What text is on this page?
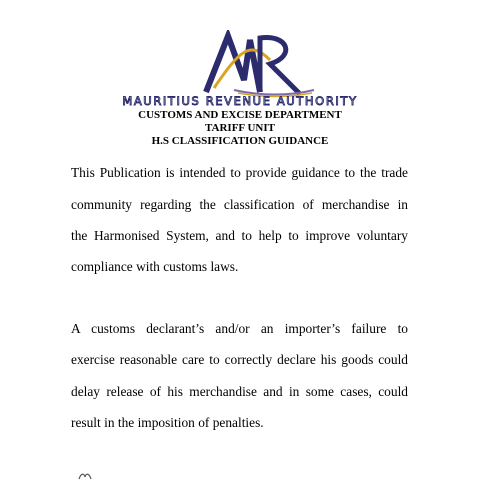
MAURITIUS REVENUE AUTHORITY
CUSTOMS AND EXCISE DEPARTMENT
TARIFF UNIT
H.S CLASSIFICATION GUIDANCE
This Publication is intended to provide guidance to the trade
community regarding the classification of merchandise in
the Harmonised System, and to help to improve voluntary
compliance with customs laws.
A customs declarant’s and/or an importer’s failure to
exercise reasonable care to correctly declare his goods could
delay release of his merchandise and in some cases, could
result in the imposition of penalties.
